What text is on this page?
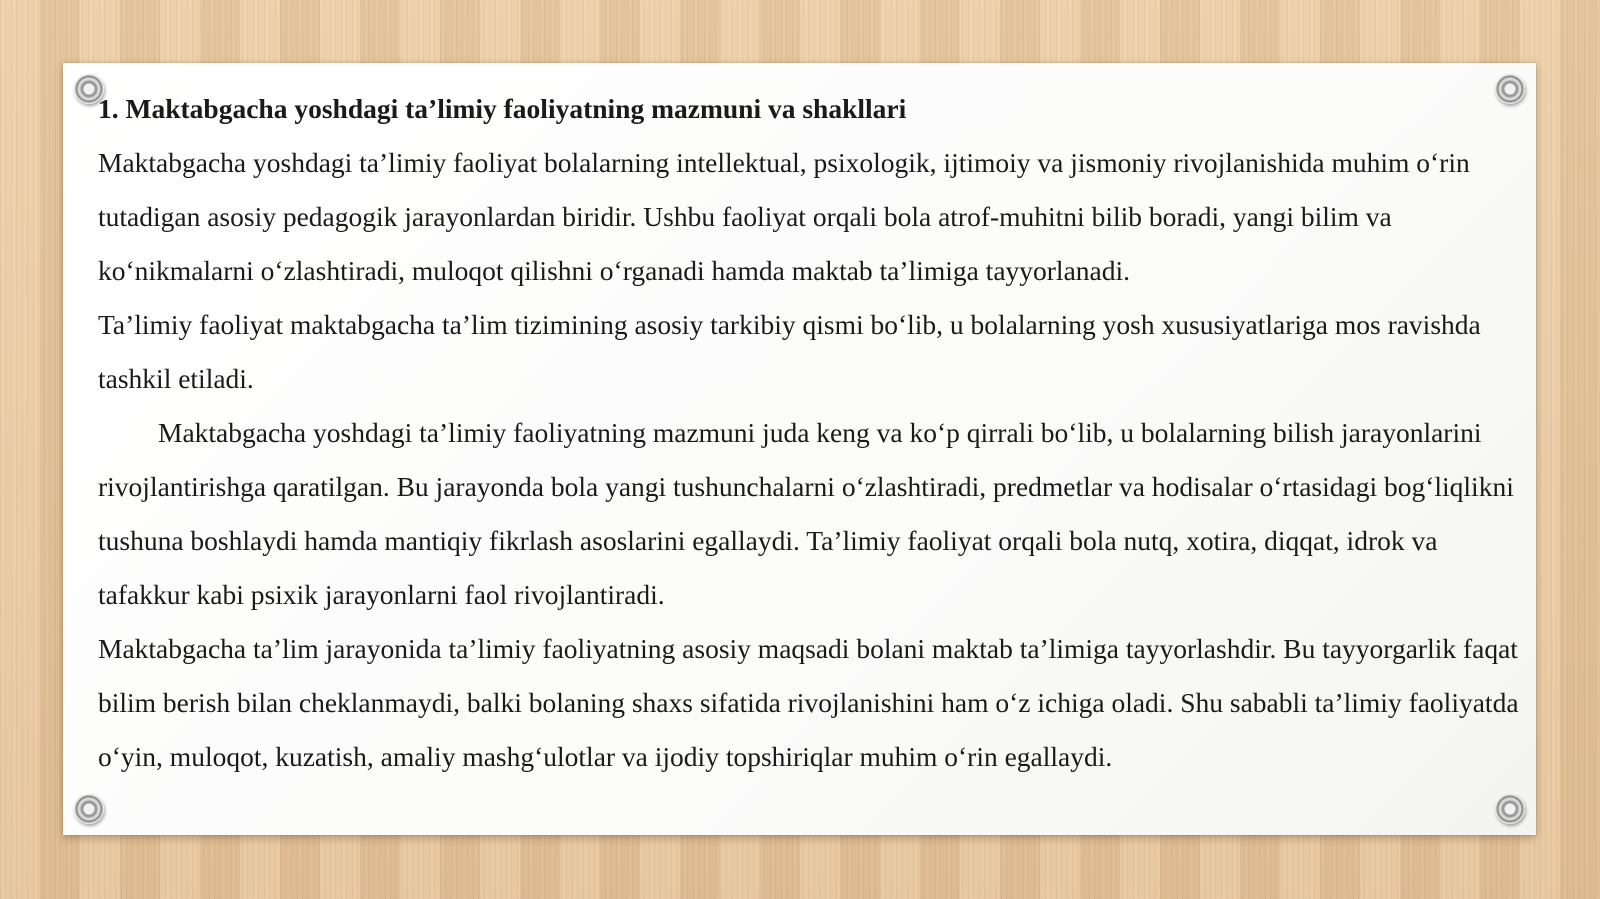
1. Maktabgacha yoshdagi ta’limiy faoliyatning mazmuni va shakllari

Maktabgacha yoshdagi ta’limiy faoliyat bolalarning intellektual, psixologik, ijtimoiy va jismoniy rivojlanishida muhim o‘rin tutadigan asosiy pedagogik jarayonlardan biridir. Ushbu faoliyat orqali bola atrof-muhitni bilib boradi, yangi bilim va ko‘nikmalarni o‘zlashtiradi, muloqot qilishni o‘rganadi hamda maktab ta’limiga tayyorlanadi.

Ta’limiy faoliyat maktabgacha ta’lim tizimining asosiy tarkibiy qismi bo‘lib, u bolalarning yosh xususiyatlariga mos ravishda tashkil etiladi.

Maktabgacha yoshdagi ta’limiy faoliyatning mazmuni juda keng va ko‘p qirrali bo‘lib, u bolalarning bilish jarayonlarini rivojlantirishga qaratilgan. Bu jarayonda bola yangi tushunchalarni o‘zlashtiradi, predmetlar va hodisalar o‘rtasidagi bog‘liqlikni tushuna boshlaydi hamda mantiqiy fikrlash asoslarini egallaydi. Ta’limiy faoliyat orqali bola nutq, xotira, diqqat, idrok va tafakkur kabi psixik jarayonlarni faol rivojlantiradi.

Maktabgacha ta’lim jarayonida ta’limiy faoliyatning asosiy maqsadi bolani maktab ta’limiga tayyorlashdir. Bu tayyorgarlik faqat bilim berish bilan cheklanmaydi, balki bolaning shaxs sifatida rivojlanishini ham o‘z ichiga oladi. Shu sababli ta’limiy faoliyatda o‘yin, muloqot, kuzatish, amaliy mashg‘ulotlar va ijodiy topshiriqlar muhim o‘rin egallaydi.
